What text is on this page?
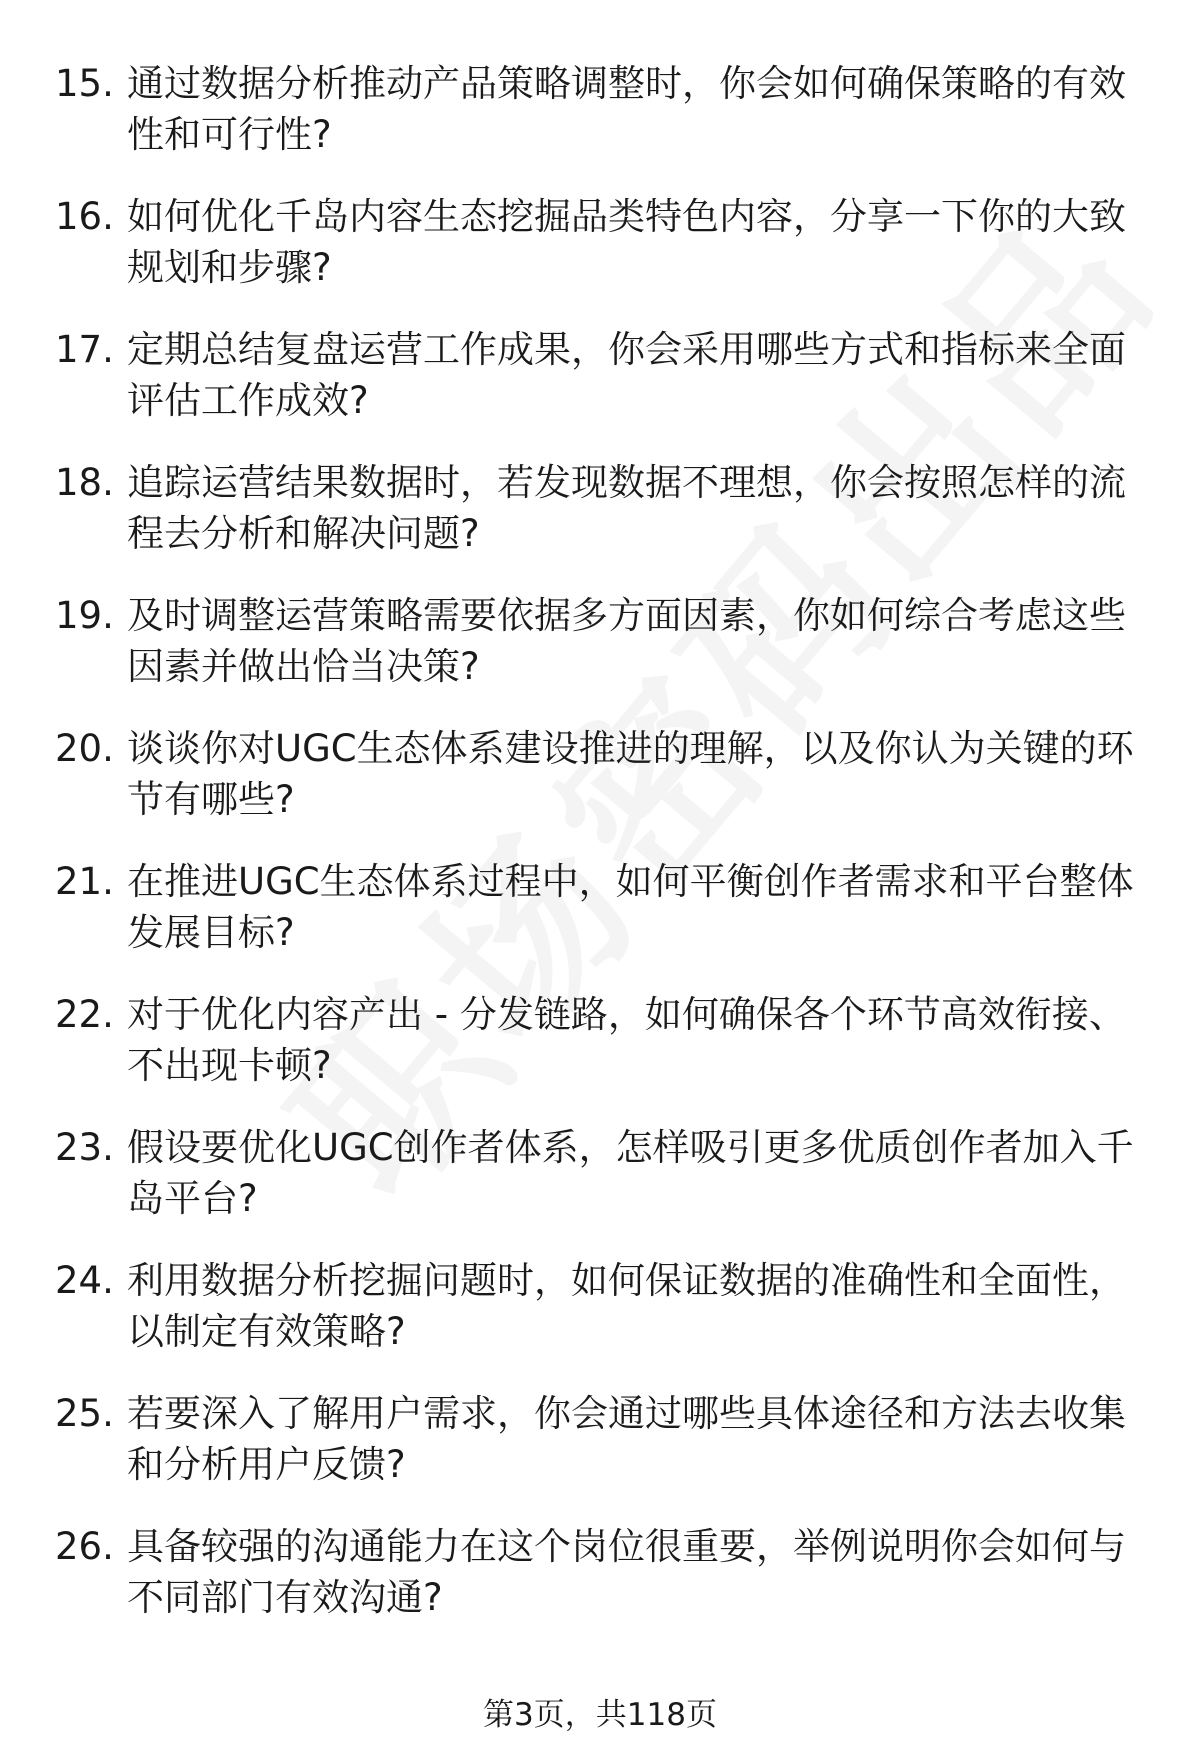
15. 通过数据分析推动产品策略调整时，你会如何确保策略的有效性和可行性?
16. 如何优化千岛内容生态挖掘品类特色内容，分享一下你的大致规划和步骤?
17. 定期总结复盘运营工作成果，你会采用哪些方式和指标来全面评估工作成效?
18. 追踪运营结果数据时，若发现数据不理想，你会按照怎样的流程去分析和解决问题?
19. 及时调整运营策略需要依据多方面因素，你如何综合考虑这些因素并做出恰当决策?
20. 谈谈你对UGC生态体系建设推进的理解，以及你认为关键的环节有哪些?
21. 在推进UGC生态体系过程中，如何平衡创作者需求和平台整体发展目标?
22. 对于优化内容产出 - 分发链路，如何确保各个环节高效衔接、不出现卡顿?
23. 假设要优化UGC创作者体系，怎样吸引更多优质创作者加入千岛平台?
24. 利用数据分析挖掘问题时，如何保证数据的准确性和全面性，以制定有效策略?
25. 若要深入了解用户需求，你会通过哪些具体途径和方法去收集和分析用户反馈?
26. 具备较强的沟通能力在这个岗位很重要，举例说明你会如何与不同部门有效沟通?
第3页，共118页
